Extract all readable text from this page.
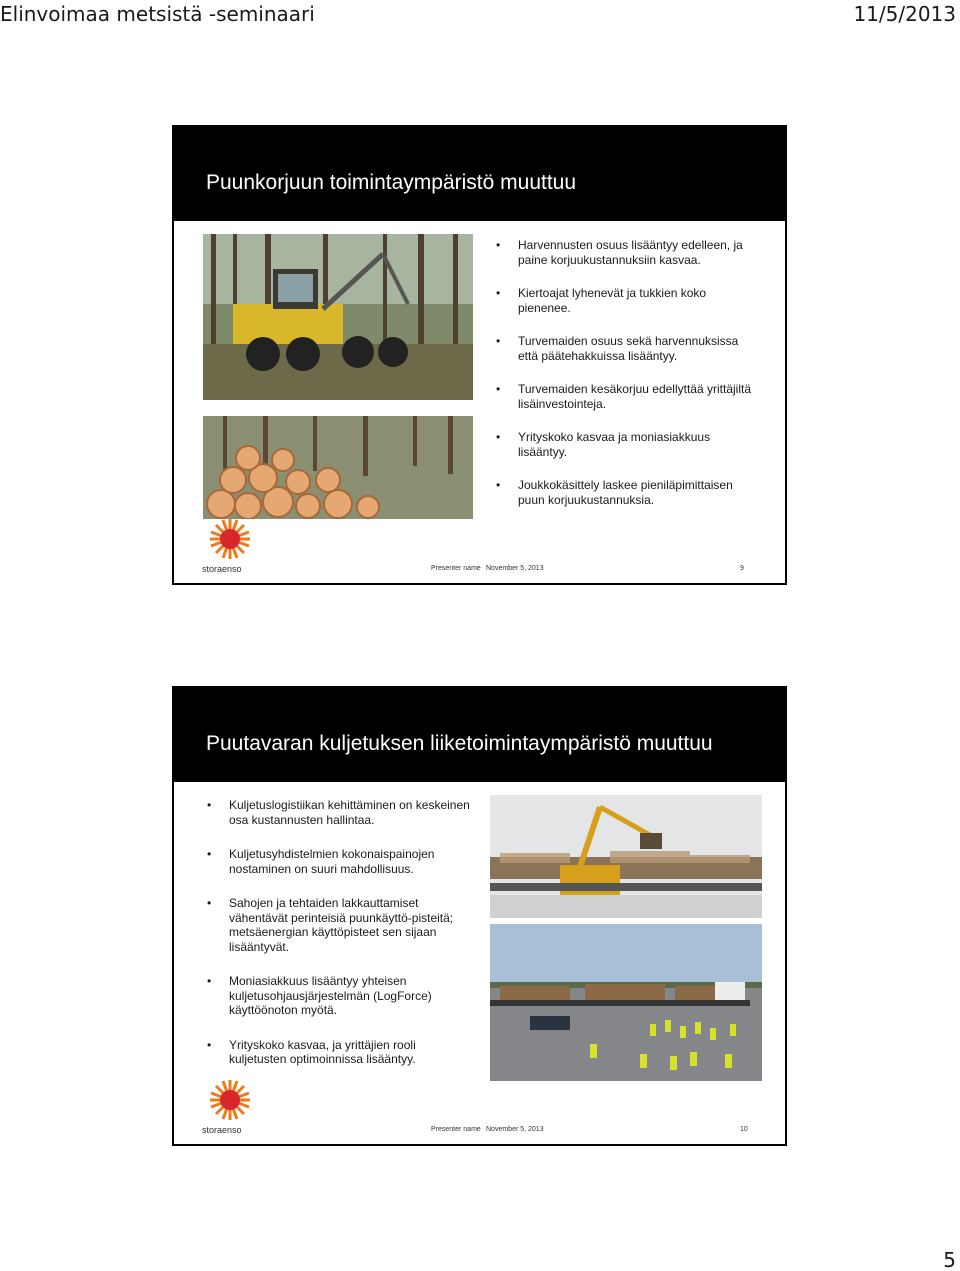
Elinvoimaa metsistä -seminaari	11/5/2013
Puunkorjuun toimintaympäristö muuttuu
• Harvennusten osuus lisääntyy edelleen, ja paine korjuukustannuksiin kasvaa.
• Kiertoajat lyhenevät ja tukkien koko pienenee.
• Turvemaiden osuus sekä harvennuksissa että päätehakkuissa lisääntyy.
• Turvemaiden kesäkorjuu edellyttää yrittäjiltä lisäinvestointeja.
• Yrityskoko kasvaa ja moniasiakkuus lisääntyy.
• Joukkokäsittely laskee pieniläpimittaisen puun korjuukustannuksia.
storaenso	Presenter name November 5, 2013	9
Puutavaran kuljetuksen liiketoimintaympäristö muuttuu
• Kuljetuslogistiikan kehittäminen on keskeinen osa kustannusten hallintaa.
• Kuljetusyhdistelmien kokonaispainojen nostaminen on suuri mahdollisuus.
• Sahojen ja tehtaiden lakkauttamiset vähentävät perinteisiä puunkäyttö-pisteitä; metsäenergian käyttöpisteet sen sijaan lisääntyvät.
• Moniasiakkuus lisääntyy yhteisen kuljetusohjausjärjestelmän (LogForce) käyttöönoton myötä.
• Yrityskoko kasvaa, ja yrittäjien rooli kuljetusten optimoinnissa lisääntyy.
storaenso	Presenter name November 5, 2013	10
5
